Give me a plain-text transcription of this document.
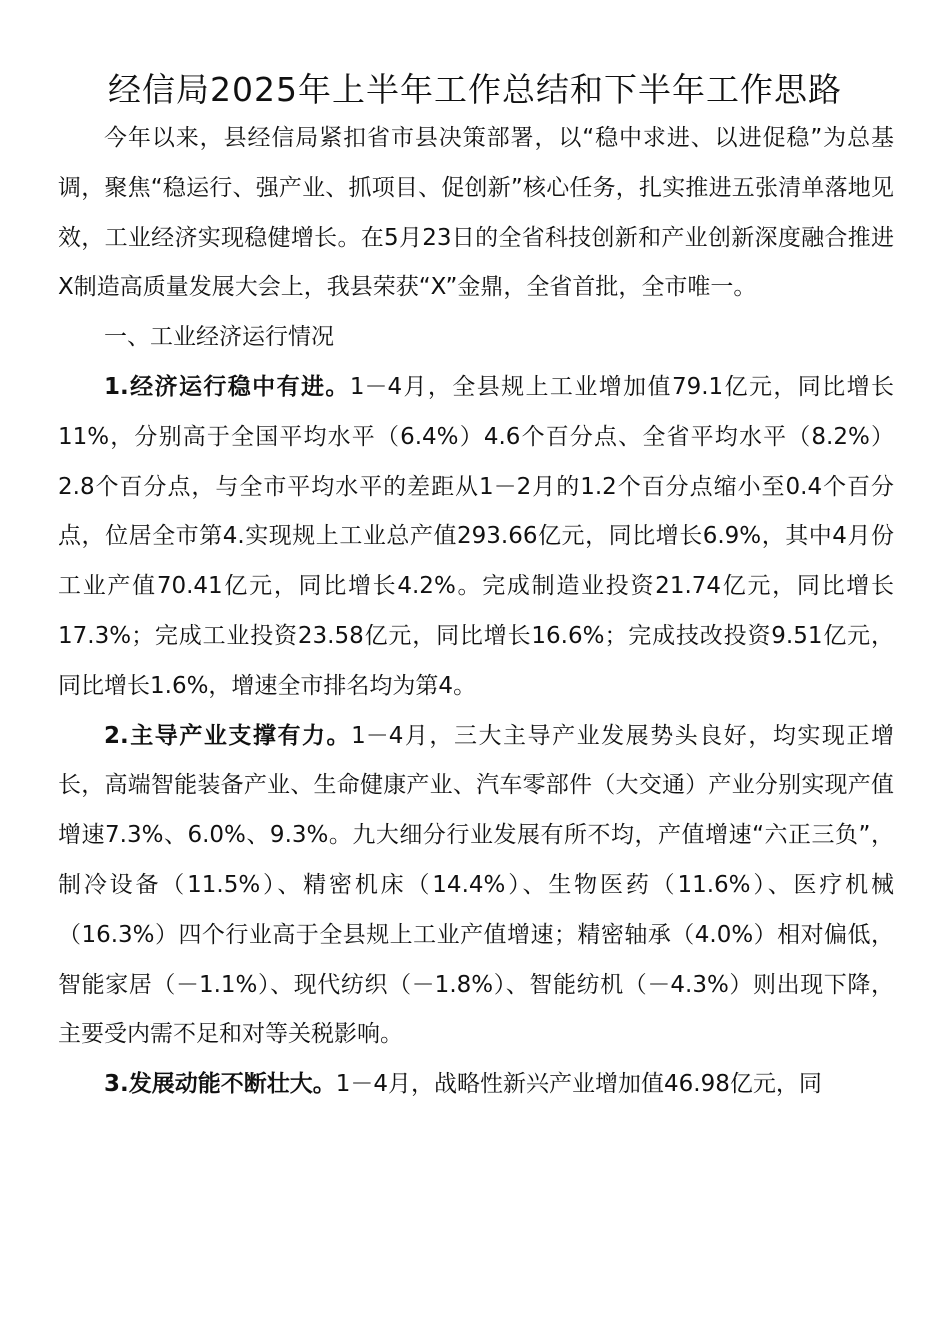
经信局2025年上半年工作总结和下半年工作思路

今年以来，县经信局紧扣省市县决策部署，以“稳中求进、以进促稳”为总基调，聚焦“稳运行、强产业、抓项目、促创新”核心任务，扎实推进五张清单落地见效，工业经济实现稳健增长。在5月23日的全省科技创新和产业创新深度融合推进X制造高质量发展大会上，我县荣获“X”金鼎，全省首批，全市唯一。

一、工业经济运行情况

1.经济运行稳中有进。1－4月，全县规上工业增加值79.1亿元，同比增长11%，分别高于全国平均水平（6.4%）4.6个百分点、全省平均水平（8.2%）2.8个百分点，与全市平均水平的差距从1－2月的1.2个百分点缩小至0.4个百分点，位居全市第4.实现规上工业总产值293.66亿元，同比增长6.9%，其中4月份工业产值70.41亿元，同比增长4.2%。完成制造业投资21.74亿元，同比增长17.3%；完成工业投资23.58亿元，同比增长16.6%；完成技改投资9.51亿元，同比增长1.6%，增速全市排名均为第4。

2.主导产业支撑有力。1－4月，三大主导产业发展势头良好，均实现正增长，高端智能装备产业、生命健康产业、汽车零部件（大交通）产业分别实现产值增速7.3%、6.0%、9.3%。九大细分行业发展有所不均，产值增速“六正三负”，制冷设备（11.5%）、精密机床（14.4%）、生物医药（11.6%）、医疗机械（16.3%）四个行业高于全县规上工业产值增速；精密轴承（4.0%）相对偏低，智能家居（－1.1%）、现代纺织（－1.8%）、智能纺机（－4.3%）则出现下降，主要受内需不足和对等关税影响。

3.发展动能不断壮大。1－4月，战略性新兴产业增加值46.98亿元，同
